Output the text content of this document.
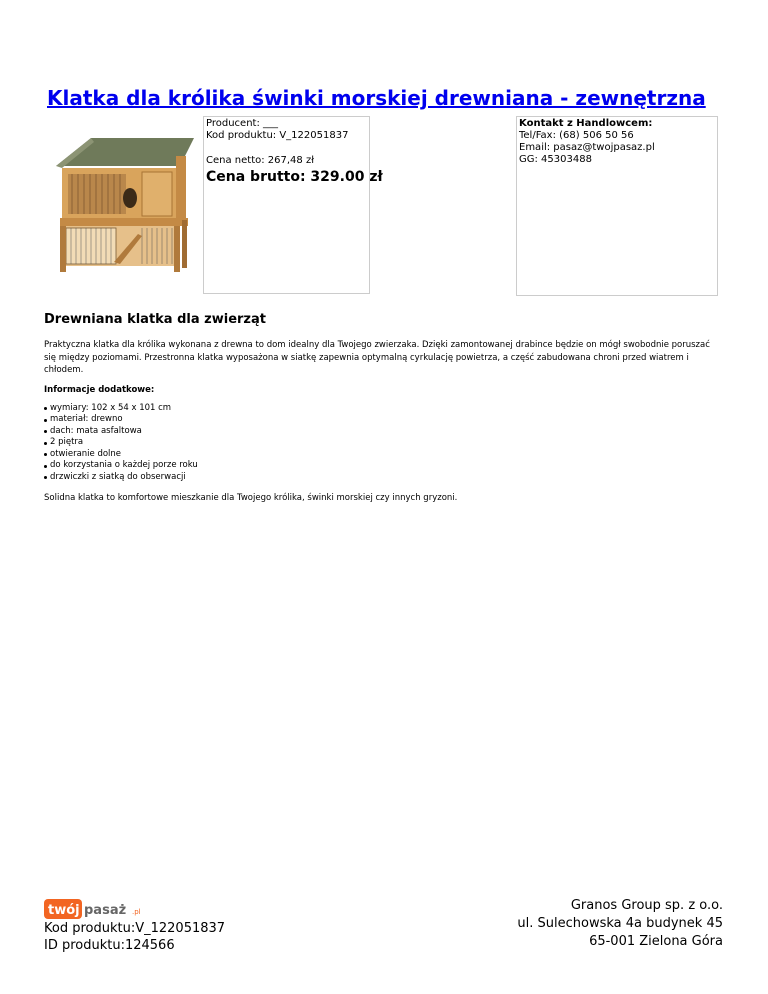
Klatka dla królika świnki morskiej drewniana - zewnętrzna
Producent: ___
Kod produktu: V_122051837
Cena netto: 267,48 zł
Cena brutto: 329.00 zł
Kontakt z Handlowcem:
Tel/Fax: (68) 506 50 56
Email: pasaz@twojpasaz.pl
GG: 45303488
Drewniana klatka dla zwierząt

Praktyczna klatka dla królika wykonana z drewna to dom idealny dla Twojego zwierzaka. Dzięki zamontowanej drabince będzie on mógł swobodnie poruszać się między poziomami. Przestronna klatka wyposażona w siatkę zapewnia optymalną cyrkulację powietrza, a część zabudowana chroni przed wiatrem i chłodem.

Informacje dodatkowe:
wymiary: 102 x 54 x 101 cm
materiał: drewno
dach: mata asfaltowa
2 piętra
otwieranie dolne
do korzystania o każdej porze roku
drzwiczki z siatką do obserwacji

Solidna klatka to komfortowe mieszkanie dla Twojego królika, świnki morskiej czy innych gryzoni.

twój pasaż .pl
Kod produktu:V_122051837
ID produktu:124566
Granos Group sp. z o.o.
ul. Sulechowska 4a budynek 45
65-001 Zielona Góra
